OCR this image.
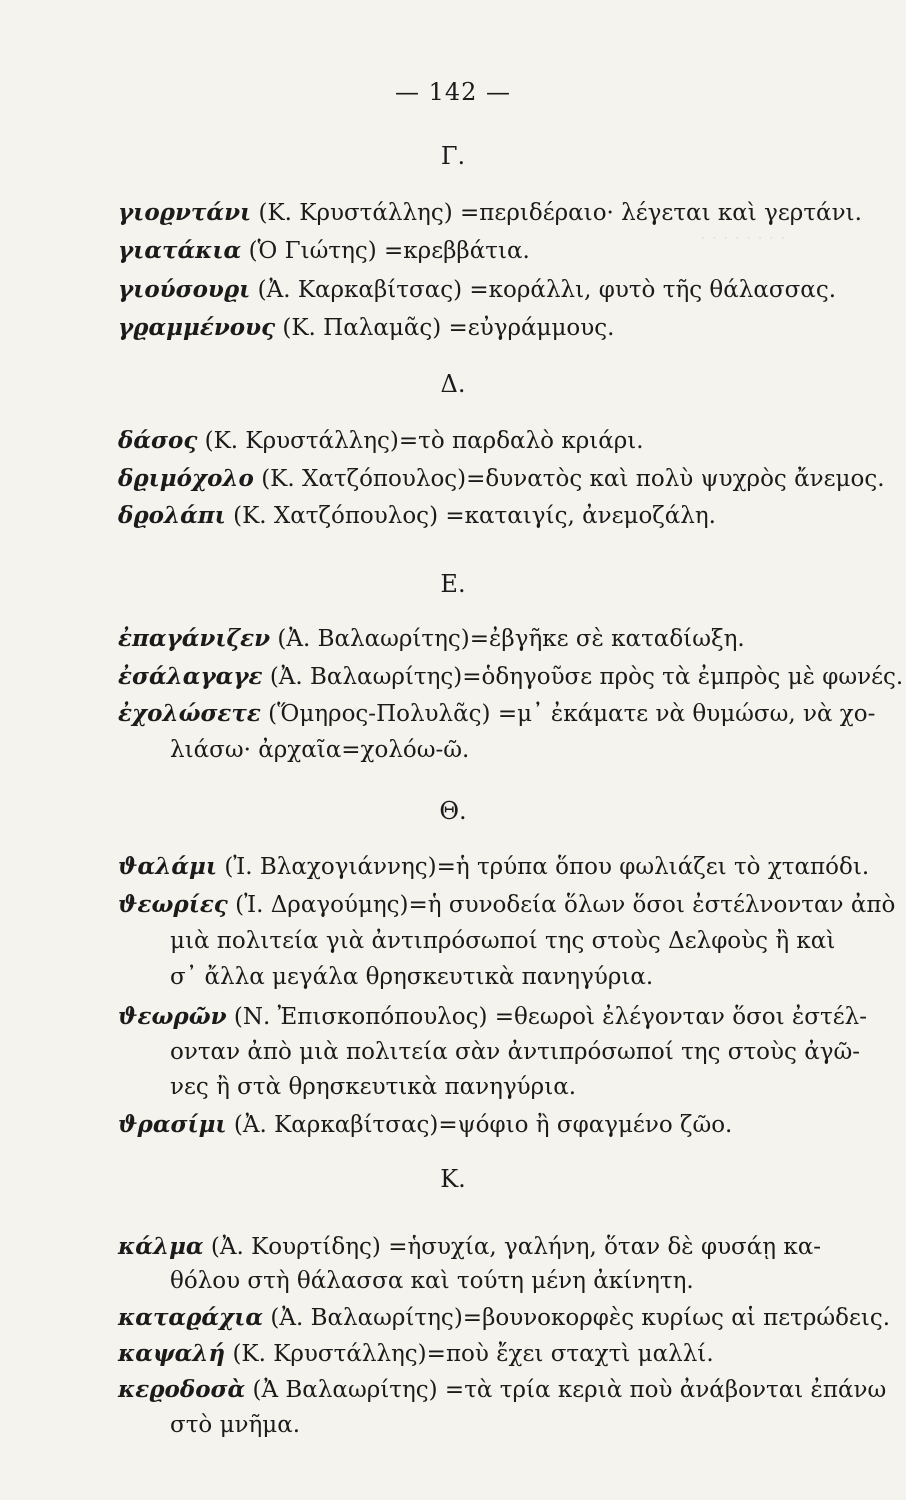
· · · · · · · ·
— 142 —
Γ.
γιοϱντάνι (Κ. Κρυστάλλης) =περιδέραιο· λέγεται καὶ γερτάνι.
γιατάκια (Ὁ Γιώτης) =κρεββάτια.
γιούσουϱι (Ἀ. Καρκαβίτσας) =κοράλλι, φυτὸ τῆς θάλασσας.
γϱαμμένους (Κ. Παλαμᾶς) =εὐγράμμους.
Δ.
δάσος (Κ. Κρυστάλλης)=τὸ παρδαλὸ κριάρι.
δϱιμόχολο (Κ. Χατζόπουλος)=δυνατὸς καὶ πολὺ ψυχρὸς ἄνεμος.
δϱολάπι (Κ. Χατζόπουλος) =καταιγίς, ἀνεμοζάλη.
Ε.
ἐπαγάνιζεν (Ἀ. Βαλαωρίτης)=ἐβγῆκε σὲ καταδίωξη.
ἐσάλαγαγε (Ἀ. Βαλαωρίτης)=ὁδηγοῦσε πρὸς τὰ ἐμπρὸς μὲ φωνές.
ἐχολώσετε (Ὅμηρος-Πολυλᾶς) =μ᾽ ἐκάματε νὰ θυμώσω, νὰ χο-
λιάσω· ἀρχαῖα=χολόω-ῶ.
Θ.
ϑαλάμι (Ἰ. Βλαχογιάννης)=ἡ τρύπα ὅπου φωλιάζει τὸ χταπόδι.
ϑεωρίες (Ἰ. Δραγούμης)=ἡ συνοδεία ὅλων ὅσοι ἐστέλνονταν ἀπὸ
μιὰ πολιτεία γιὰ ἀντιπρόσωποί της στοὺς Δελφοὺς ἢ καὶ
σ᾽ ἄλλα μεγάλα θρησκευτικὰ πανηγύρια.
ϑεωρῶν (Ν. Ἐπισκοπόπουλος) =θεωροὶ ἐλέγονταν ὅσοι ἐστέλ-
ονταν ἀπὸ μιὰ πολιτεία σὰν ἀντιπρόσωποί της στοὺς ἀγῶ-
νες ἢ στὰ θρησκευτικὰ πανηγύρια.
ϑρασίμι (Ἀ. Καρκαβίτσας)=ψόφιο ἢ σφαγμένο ζῶο.
Κ.
κάλμα (Ἀ. Κουρτίδης) =ἡσυχία, γαλήνη, ὅταν δὲ φυσάῃ κα-
θόλου στὴ θάλασσα καὶ τούτη μένη ἀκίνητη.
καταϱάχια (Ἀ. Βαλαωρίτης)=βουνοκορφὲς κυρίως αἱ πετρώδεις.
καψαλή (Κ. Κρυστάλλης)=ποὺ ἔχει σταχτὶ μαλλί.
κεϱοδοσὰ (Ἀ Βαλαωρίτης) =τὰ τρία κεριὰ ποὺ ἀνάβονται ἐπάνω
στὸ μνῆμα.
